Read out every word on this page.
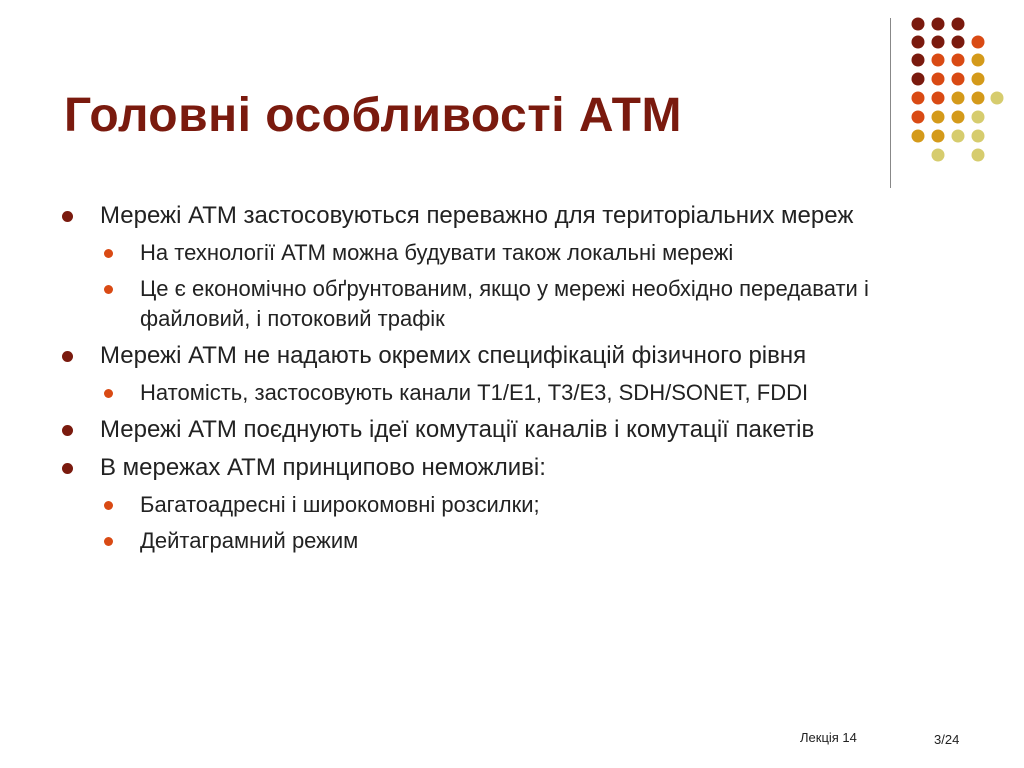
Головні особливості АТМ
Мережі АТМ застосовуються переважно для територіальних мереж
На технології АТМ можна будувати також локальні мережі
Це є економічно обґрунтованим, якщо у мережі необхідно передавати і файловий, і потоковий трафік
Мережі АТМ не надають окремих специфікацій фізичного рівня
Натомість, застосовують канали T1/E1, T3/E3, SDH/SONET, FDDI
Мережі АТМ поєднують ідеї комутації каналів і комутації пакетів
В мережах АТМ принципово неможливі:
Багатоадресні і широкомовні розсилки;
Дейтаграмний режим
Лекція 14	3/24
